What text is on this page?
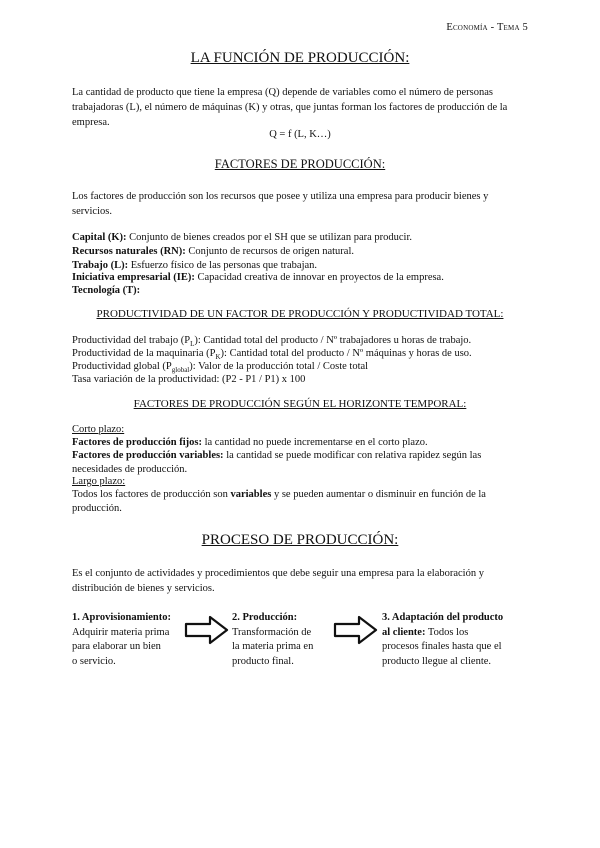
Economía - Tema 5
LA FUNCIÓN DE PRODUCCIÓN:
La cantidad de producto que tiene la empresa (Q) depende de variables como el número de personas trabajadoras (L), el número de máquinas (K) y otras, que juntas forman los factores de producción de la empresa.
Q = f (L, K…)
FACTORES DE PRODUCCIÓN:
Los factores de producción son los recursos que posee y utiliza una empresa para producir bienes y servicios.
Capital (K): Conjunto de bienes creados por el SH que se utilizan para producir.
Recursos naturales (RN): Conjunto de recursos de origen natural.
Trabajo (L): Esfuerzo físico de las personas que trabajan.
Iniciativa empresarial (IE): Capacidad creativa de innovar en proyectos de la empresa.
Tecnología (T):
PRODUCTIVIDAD DE UN FACTOR DE PRODUCCIÓN Y PRODUCTIVIDAD TOTAL:
Productividad del trabajo $(P_L)$: Cantidad total del producto / Nº trabajadores u horas de trabajo.
Productividad de la maquinaria $(P_K)$: Cantidad total del producto / Nº máquinas y horas de uso.
Productividad global $(P_{global})$: Valor de la producción total / Coste total
Tasa variación de la productividad: (P2 - P1 / P1) x 100
FACTORES DE PRODUCCIÓN SEGÚN EL HORIZONTE TEMPORAL:
Corto plazo:
Factores de producción fijos: la cantidad no puede incrementarse en el corto plazo.
Factores de producción variables: la cantidad se puede modificar con relativa rapidez según las necesidades de producción.
Largo plazo:
Todos los factores de producción son variables y se pueden aumentar o disminuir en función de la producción.
PROCESO DE PRODUCCIÓN:
Es el conjunto de actividades y procedimientos que debe seguir una empresa para la elaboración y distribución de bienes y servicios.
1. Aprovisionamiento:
Adquirir materia prima
para elaborar un bien
o servicio.
2. Producción:
Transformación de
la materia prima en
producto final.
3. Adaptación del producto
al cliente: Todos los
procesos finales hasta que el
producto llegue al cliente.
